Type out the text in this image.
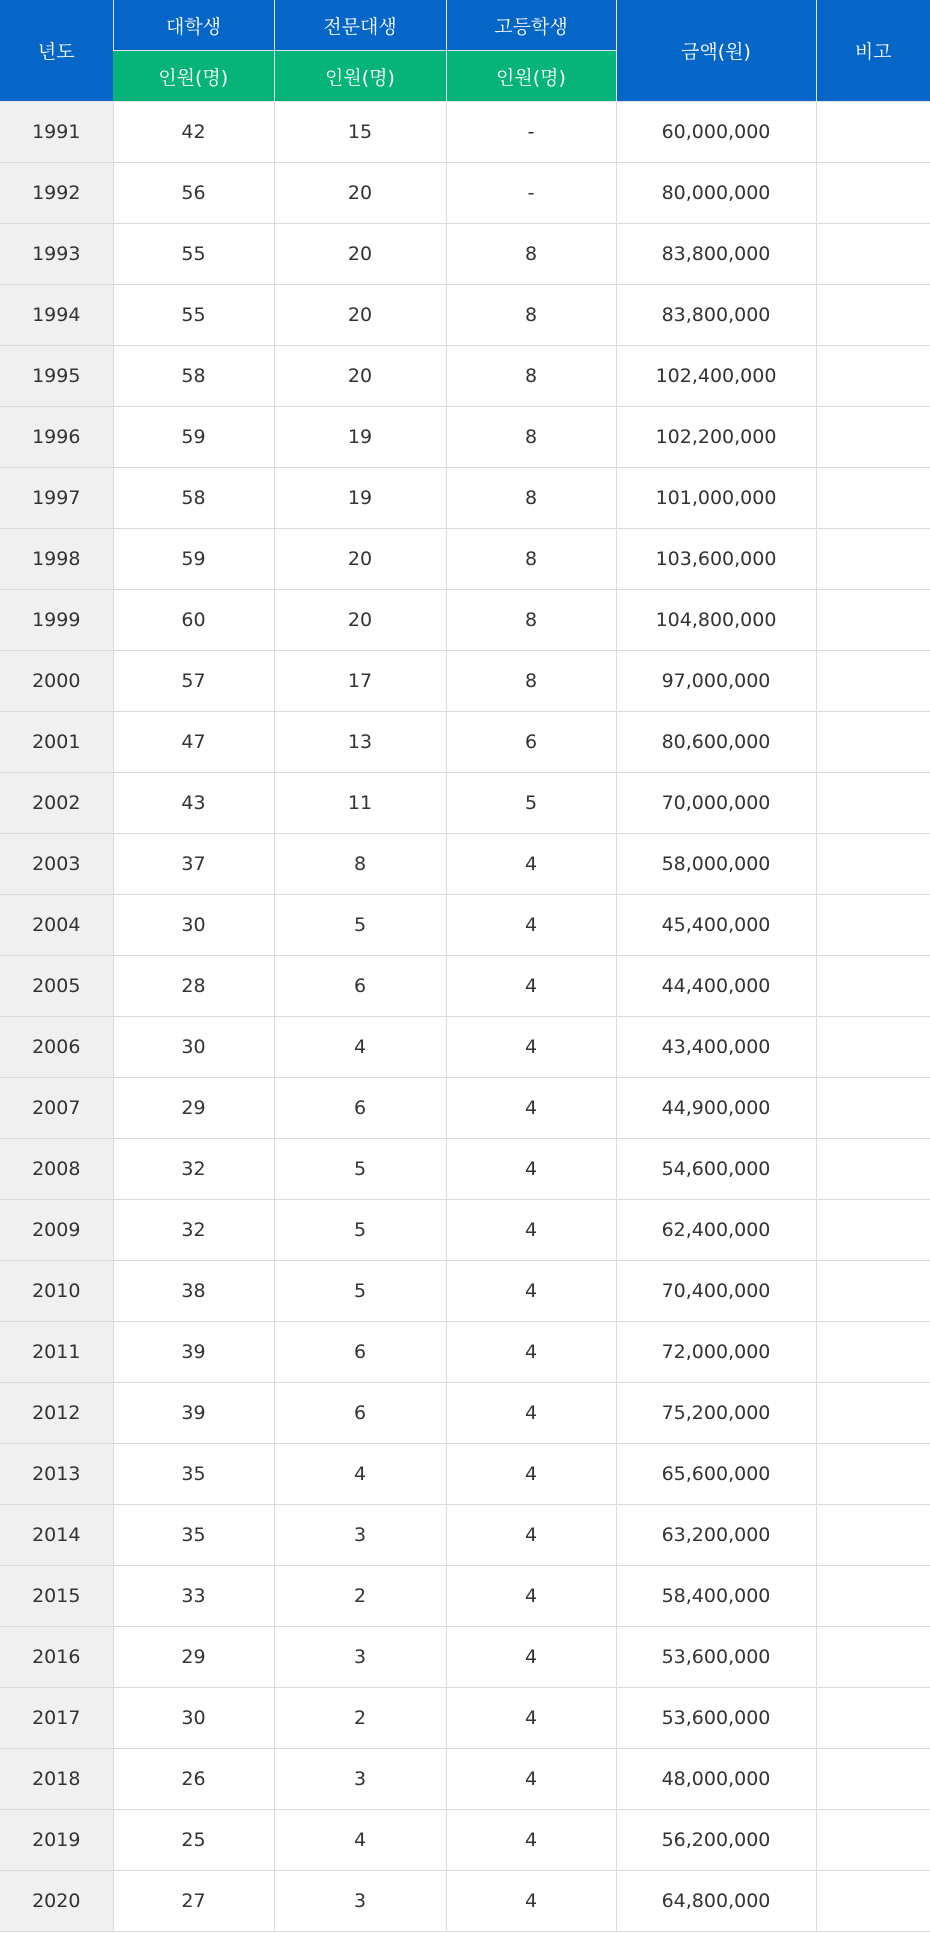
년도	대학생	전문대생	고등학생	금액(원)	비고
	인원(명)	인원(명)	인원(명)		
1991	42	15	-	60,000,000	
1992	56	20	-	80,000,000	
1993	55	20	8	83,800,000	
1994	55	20	8	83,800,000	
1995	58	20	8	102,400,000	
1996	59	19	8	102,200,000	
1997	58	19	8	101,000,000	
1998	59	20	8	103,600,000	
1999	60	20	8	104,800,000	
2000	57	17	8	97,000,000	
2001	47	13	6	80,600,000	
2002	43	11	5	70,000,000	
2003	37	8	4	58,000,000	
2004	30	5	4	45,400,000	
2005	28	6	4	44,400,000	
2006	30	4	4	43,400,000	
2007	29	6	4	44,900,000	
2008	32	5	4	54,600,000	
2009	32	5	4	62,400,000	
2010	38	5	4	70,400,000	
2011	39	6	4	72,000,000	
2012	39	6	4	75,200,000	
2013	35	4	4	65,600,000	
2014	35	3	4	63,200,000	
2015	33	2	4	58,400,000	
2016	29	3	4	53,600,000	
2017	30	2	4	53,600,000	
2018	26	3	4	48,000,000	
2019	25	4	4	56,200,000	
2020	27	3	4	64,800,000	
